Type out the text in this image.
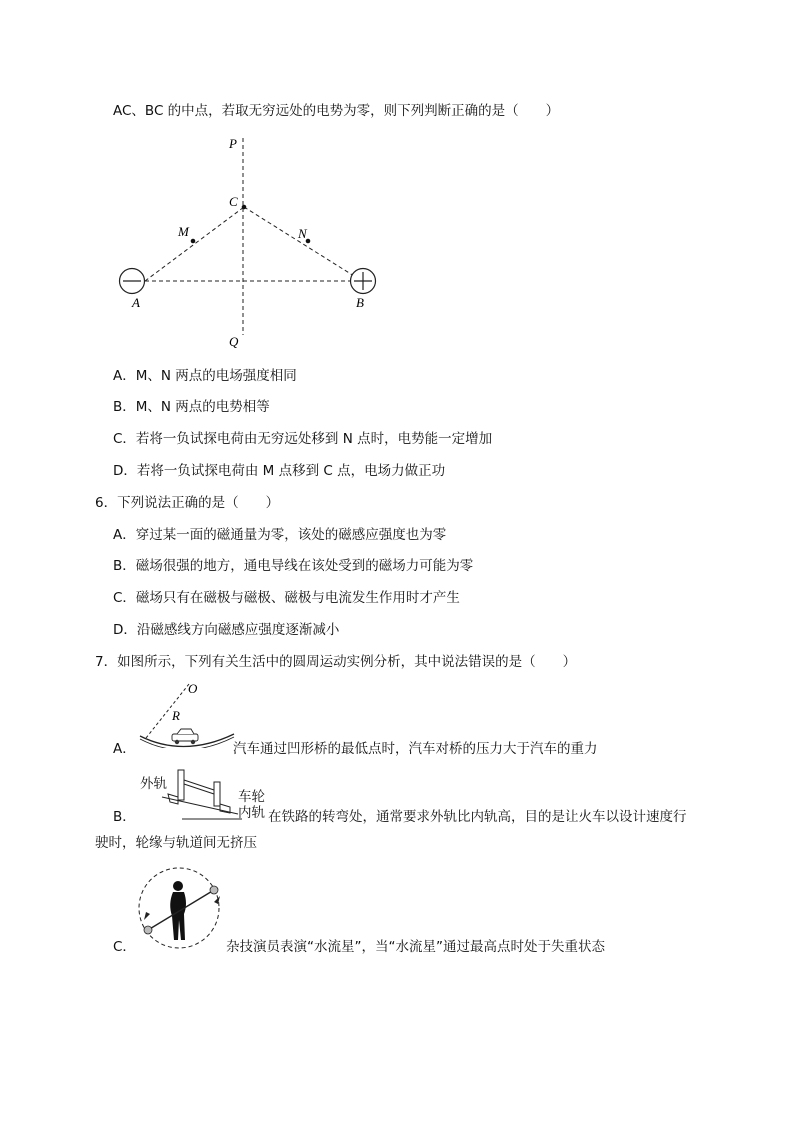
AC、BC 的中点，若取无穷远处的电势为零，则下列判断正确的是（　　）
P
C
M	N
A	B
Q
A．M、N 两点的电场强度相同
B．M、N 两点的电势相等
C．若将一负试探电荷由无穷远处移到 N 点时，电势能一定增加
D．若将一负试探电荷由 M 点移到 C 点，电场力做正功
6．下列说法正确的是（　　）
A．穿过某一面的磁通量为零，该处的磁感应强度也为零
B．磁场很强的地方，通电导线在该处受到的磁场力可能为零
C．磁场只有在磁极与磁极、磁极与电流发生作用时才产生
D．沿磁感线方向磁感应强度逐渐减小
7．如图所示，下列有关生活中的圆周运动实例分析，其中说法错误的是（　　）
O
R
A．	汽车通过凹形桥的最低点时，汽车对桥的压力大于汽车的重力
外轨
车轮
B．	内轨 在铁路的转弯处，通常要求外轨比内轨高，目的是让火车以设计速度行
驶时，轮缘与轨道间无挤压
C．	杂技演员表演“水流星”，当“水流星”通过最高点时处于失重状态
